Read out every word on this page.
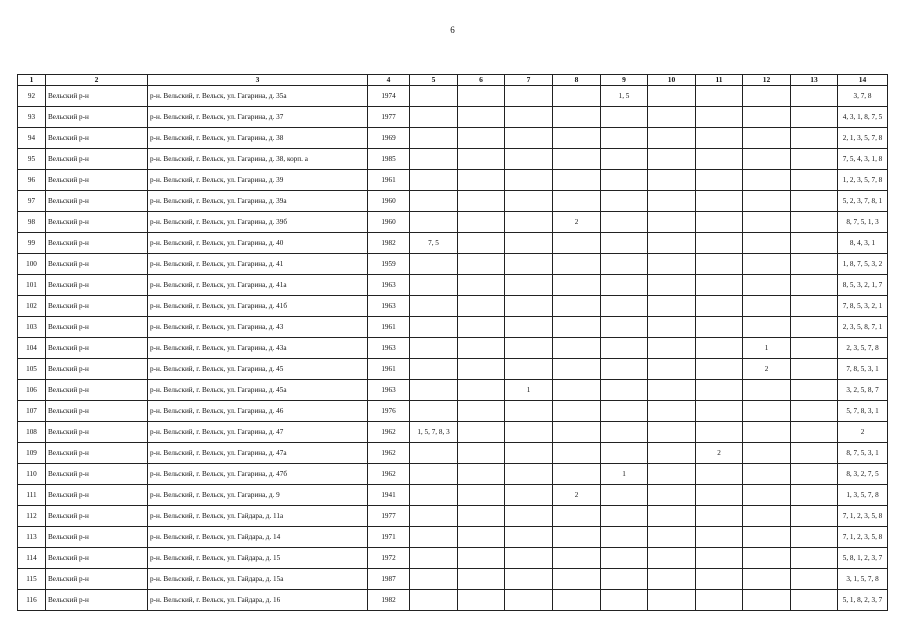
6
1	2	3	4	5	6	7	8	9	10	11	12	13	14
92	Вельский р-н	р-н. Вельский, г. Вельск, ул. Гагарина, д. 35а	1974					1, 5					3, 7, 8
93	Вельский р-н	р-н. Вельский, г. Вельск, ул. Гагарина, д. 37	1977										4, 3, 1, 8, 7, 5
94	Вельский р-н	р-н. Вельский, г. Вельск, ул. Гагарина, д. 38	1969										2, 1, 3, 5, 7, 8
95	Вельский р-н	р-н. Вельский, г. Вельск, ул. Гагарина, д. 38, корп. а	1985										7, 5, 4, 3, 1, 8
96	Вельский р-н	р-н. Вельский, г. Вельск, ул. Гагарина, д. 39	1961										1, 2, 3, 5, 7, 8
97	Вельский р-н	р-н. Вельский, г. Вельск, ул. Гагарина, д. 39а	1960										5, 2, 3, 7, 8, 1
98	Вельский р-н	р-н. Вельский, г. Вельск, ул. Гагарина, д. 39б	1960				2						8, 7, 5, 1, 3
99	Вельский р-н	р-н. Вельский, г. Вельск, ул. Гагарина, д. 40	1982	7, 5									8, 4, 3, 1
100	Вельский р-н	р-н. Вельский, г. Вельск, ул. Гагарина, д. 41	1959										1, 8, 7, 5, 3, 2
101	Вельский р-н	р-н. Вельский, г. Вельск, ул. Гагарина, д. 41а	1963										8, 5, 3, 2, 1, 7
102	Вельский р-н	р-н. Вельский, г. Вельск, ул. Гагарина, д. 41б	1963										7, 8, 5, 3, 2, 1
103	Вельский р-н	р-н. Вельский, г. Вельск, ул. Гагарина, д. 43	1961										2, 3, 5, 8, 7, 1
104	Вельский р-н	р-н. Вельский, г. Вельск, ул. Гагарина, д. 43а	1963								1		2, 3, 5, 7, 8
105	Вельский р-н	р-н. Вельский, г. Вельск, ул. Гагарина, д. 45	1961								2		7, 8, 5, 3, 1
106	Вельский р-н	р-н. Вельский, г. Вельск, ул. Гагарина, д. 45а	1963			1							3, 2, 5, 8, 7
107	Вельский р-н	р-н. Вельский, г. Вельск, ул. Гагарина, д. 46	1976										5, 7, 8, 3, 1
108	Вельский р-н	р-н. Вельский, г. Вельск, ул. Гагарина, д. 47	1962	1, 5, 7, 8, 3									2
109	Вельский р-н	р-н. Вельский, г. Вельск, ул. Гагарина, д. 47а	1962							2			8, 7, 5, 3, 1
110	Вельский р-н	р-н. Вельский, г. Вельск, ул. Гагарина, д. 47б	1962					1					8, 3, 2, 7, 5
111	Вельский р-н	р-н. Вельский, г. Вельск, ул. Гагарина, д. 9	1941				2						1, 3, 5, 7, 8
112	Вельский р-н	р-н. Вельский, г. Вельск, ул. Гайдара, д. 11а	1977										7, 1, 2, 3, 5, 8
113	Вельский р-н	р-н. Вельский, г. Вельск, ул. Гайдара, д. 14	1971										7, 1, 2, 3, 5, 8
114	Вельский р-н	р-н. Вельский, г. Вельск, ул. Гайдара, д. 15	1972										5, 8, 1, 2, 3, 7
115	Вельский р-н	р-н. Вельский, г. Вельск, ул. Гайдара, д. 15а	1987										3, 1, 5, 7, 8
116	Вельский р-н	р-н. Вельский, г. Вельск, ул. Гайдара, д. 16	1982										5, 1, 8, 2, 3, 7
